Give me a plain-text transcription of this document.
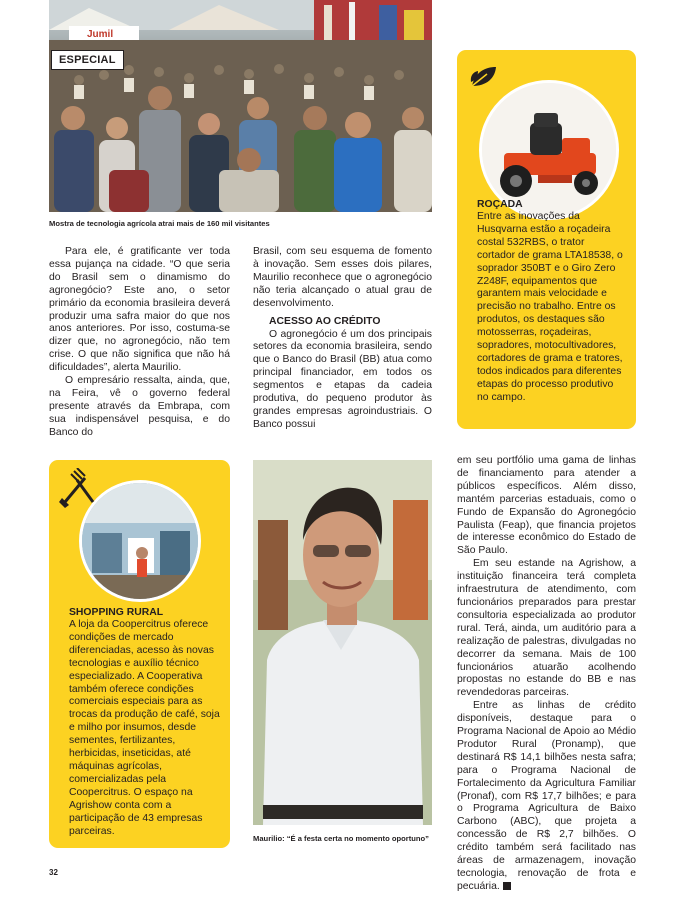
Jumil
ESPECIAL
Mostra de tecnologia agrícola atrai mais de 160 mil visitantes

Para ele, é gratificante ver toda essa pujança na cidade. “O que seria do Brasil sem o dinamismo do agronegócio? Este ano, o setor primário da economia brasileira deverá produzir uma safra maior do que nos anos anteriores. Por isso, costuma-se dizer que, no agronegócio, não tem crise. O que não significa que não há dificuldades”, alerta Maurilio.

O empresário ressalta, ainda, que, na Feira, vê o governo federal presente através da Embrapa, com sua indispensável pesquisa, e do Banco do

Brasil, com seu esquema de fomento à inovação. Sem esses dois pilares, Maurilio reconhece que o agronegócio não teria alcançado o atual grau de desenvolvimento.

ACESSO AO CRÉDITO

O agronegócio é um dos principais setores da economia brasileira, sendo que o Banco do Brasil (BB) atua como principal financiador, em todos os segmentos e etapas da cadeia produtiva, do pequeno produtor às grandes empresas agroindustriais. O Banco possui

ROÇADA
Entre as inovações da Husqvarna estão a roçadeira costal 532RBS, o trator cortador de grama LTA18538, o soprador 350BT e o Giro Zero Z248F, equipamentos que garantem mais velocidade e precisão no trabalho. Entre os produtos, os destaques são motosserras, roçadeiras, sopradores, motocultivadores, cortadores de grama e tratores, todos indicados para diferentes etapas do processo produtivo no campo.
SHOPPING RURAL
A loja da Coopercitrus oferece condições de mercado diferenciadas, acesso às novas tecnologias e auxílio técnico especializado. A Cooperativa também oferece condições comerciais especiais para as trocas da produção de café, soja e milho por insumos, desde sementes, fertilizantes, herbicidas, inseticidas, até máquinas agrícolas, comercializadas pela Coopercitrus. O espaço na Agrishow conta com a participação de 43 empresas parceiras.
Maurilio: “É a festa certa no momento oportuno”

em seu portfólio uma gama de linhas de financiamento para atender a públicos específicos. Além disso, mantém parcerias estaduais, como o Fundo de Expansão do Agronegócio Paulista (Feap), que financia projetos de interesse econômico do Estado de São Paulo.

Em seu estande na Agrishow, a instituição financeira terá completa infraestrutura de atendimento, com funcionários preparados para prestar consultoria especializada ao produtor rural. Terá, ainda, um auditório para a realização de palestras, divulgadas no decorrer da semana. Mais de 100 funcionários atuarão acolhendo propostas no estande do BB e nas revendedoras parceiras.

Entre as linhas de crédito disponíveis, destaque para o Programa Nacional de Apoio ao Médio Produtor Rural (Pronamp), que destinará R$ 14,1 bilhões nesta safra; para o Programa Nacional de Fortalecimento da Agricultura Familiar (Pronaf), com R$ 17,7 bilhões; e para o Programa Agricultura de Baixo Carbono (ABC), que projeta a concessão de R$ 2,7 bilhões. O crédito também será facilitado nas áreas de armazenagem, inovação tecnologia, renovação de frota e pecuária.

32
